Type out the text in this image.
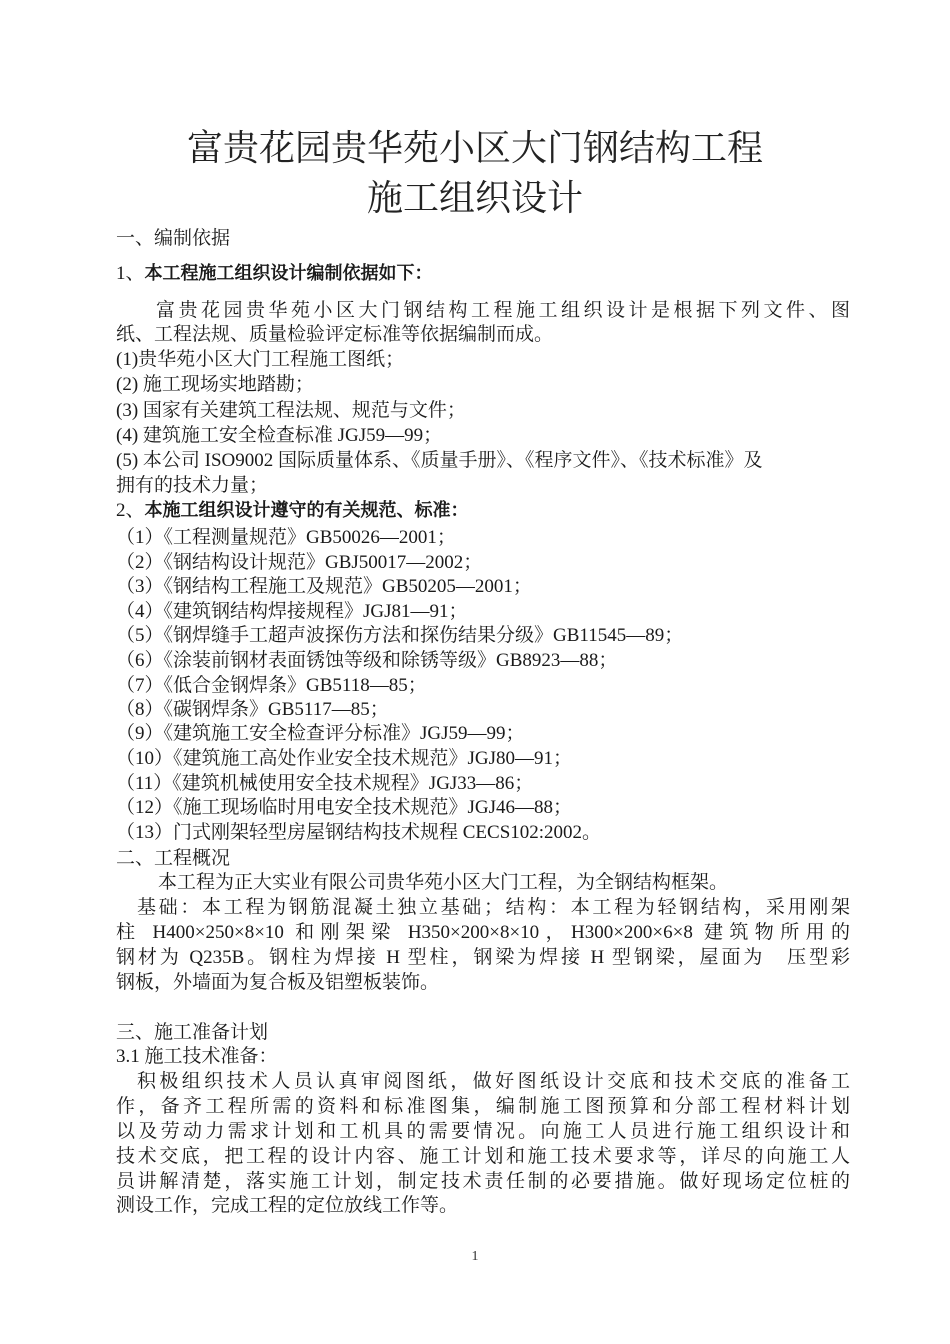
富贵花园贵华苑小区大门钢结构工程
施工组织设计
一、编制依据
1、本工程施工组织设计编制依据如下：
富贵花园贵华苑小区大门钢结构工程施工组织设计是根据下列文件、图
纸、工程法规、质量检验评定标准等依据编制而成。
(1)贵华苑小区大门工程施工图纸；
(2) 施工现场实地踏勘；
(3) 国家有关建筑工程法规、规范与文件；
(4) 建筑施工安全检查标准 JGJ59—99；
(5) 本公司 ISO9002 国际质量体系、《质量手册》、《程序文件》、《技术标准》及
拥有的技术力量；
2、本施工组织设计遵守的有关规范、标准：
（1）《工程测量规范》GB50026—2001；
（2）《钢结构设计规范》GBJ50017—2002；
（3）《钢结构工程施工及规范》GB50205—2001；
（4）《建筑钢结构焊接规程》JGJ81—91；
（5）《钢焊缝手工超声波探伤方法和探伤结果分级》GB11545—89；
（6）《涂装前钢材表面锈蚀等级和除锈等级》GB8923—88；
（7）《低合金钢焊条》GB5118—85；
（8）《碳钢焊条》GB5117—85；
（9）《建筑施工安全检查评分标准》JGJ59—99；
（10）《建筑施工高处作业安全技术规范》JGJ80—91；
（11）《建筑机械使用安全技术规程》JGJ33—86；
（12）《施工现场临时用电安全技术规范》JGJ46—88；
（13）门式刚架轻型房屋钢结构技术规程 CECS102:2002。
二、工程概况
本工程为正大实业有限公司贵华苑小区大门工程，为全钢结构框架。
基础：本工程为钢筋混凝土独立基础；结构：本工程为轻钢结构，采用刚架
柱 H400×250×8×10 和刚架梁 H350×200×8×10，H300×200×6×8 建筑物所用的
钢材为 Q235B。钢柱为焊接 H 型柱，钢梁为焊接 H 型钢梁，屋面为　压型彩
钢板，外墙面为复合板及铝塑板装饰。
三、施工准备计划
3.1 施工技术准备：
积极组织技术人员认真审阅图纸，做好图纸设计交底和技术交底的准备工
作，备齐工程所需的资料和标准图集，编制施工图预算和分部工程材料计划
以及劳动力需求计划和工机具的需要情况。向施工人员进行施工组织设计和
技术交底，把工程的设计内容、施工计划和施工技术要求等，详尽的向施工人
员讲解清楚，落实施工计划，制定技术责任制的必要措施。做好现场定位桩的
测设工作，完成工程的定位放线工作等。
1
